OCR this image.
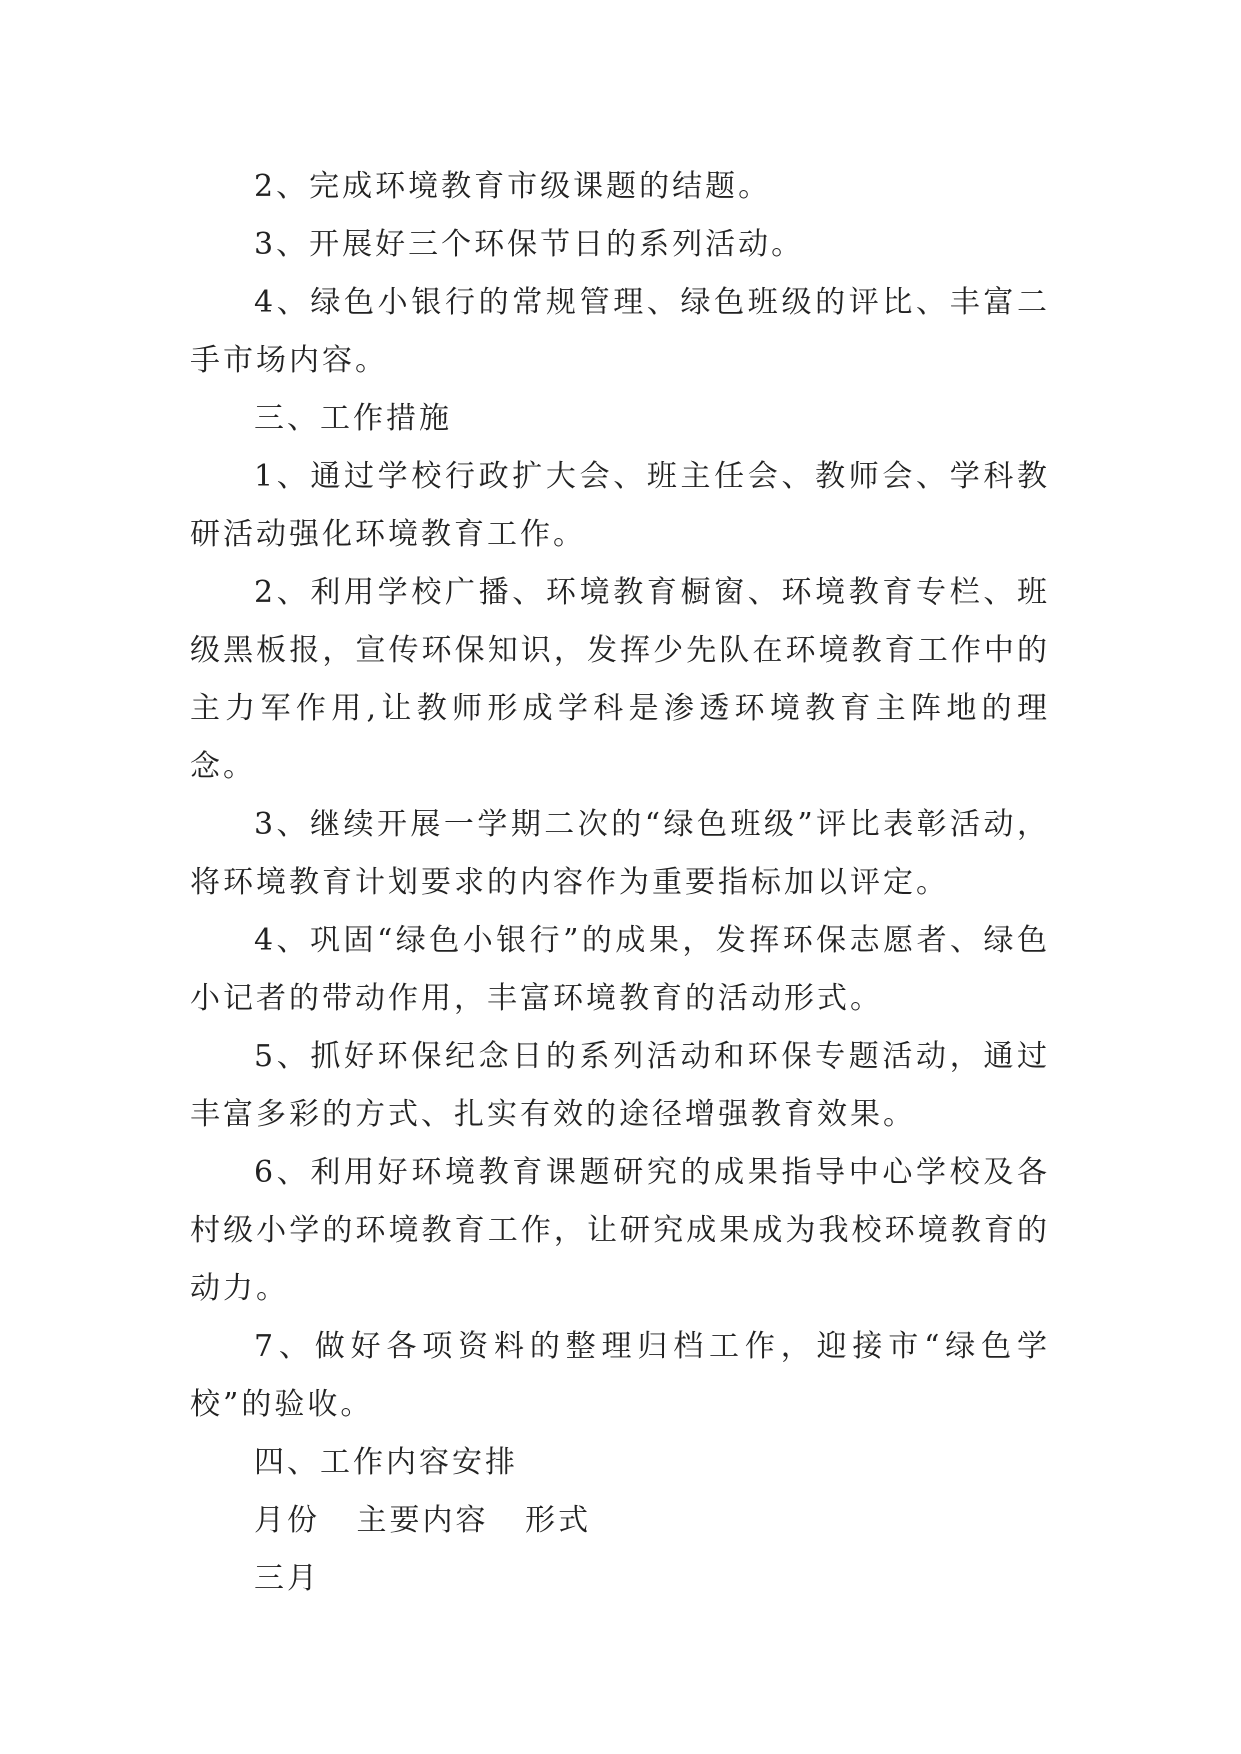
2、完成环境教育市级课题的结题。

3、开展好三个环保节日的系列活动。

4、绿色小银行的常规管理、绿色班级的评比、丰富二手市场内容。

三、工作措施

1、通过学校行政扩大会、班主任会、教师会、学科教研活动强化环境教育工作。

2、利用学校广播、环境教育橱窗、环境教育专栏、班级黑板报，宣传环保知识，发挥少先队在环境教育工作中的主力军作用,让教师形成学科是渗透环境教育主阵地的理念。

3、继续开展一学期二次的“绿色班级”评比表彰活动，将环境教育计划要求的内容作为重要指标加以评定。

4、巩固“绿色小银行”的成果，发挥环保志愿者、绿色小记者的带动作用，丰富环境教育的活动形式。

5、抓好环保纪念日的系列活动和环保专题活动，通过丰富多彩的方式、扎实有效的途径增强教育效果。

6、利用好环境教育课题研究的成果指导中心学校及各村级小学的环境教育工作，让研究成果成为我校环境教育的动力。

7、做好各项资料的整理归档工作，迎接市“绿色学校”的验收。

四、工作内容安排

月份 主要内容 形式

三月
